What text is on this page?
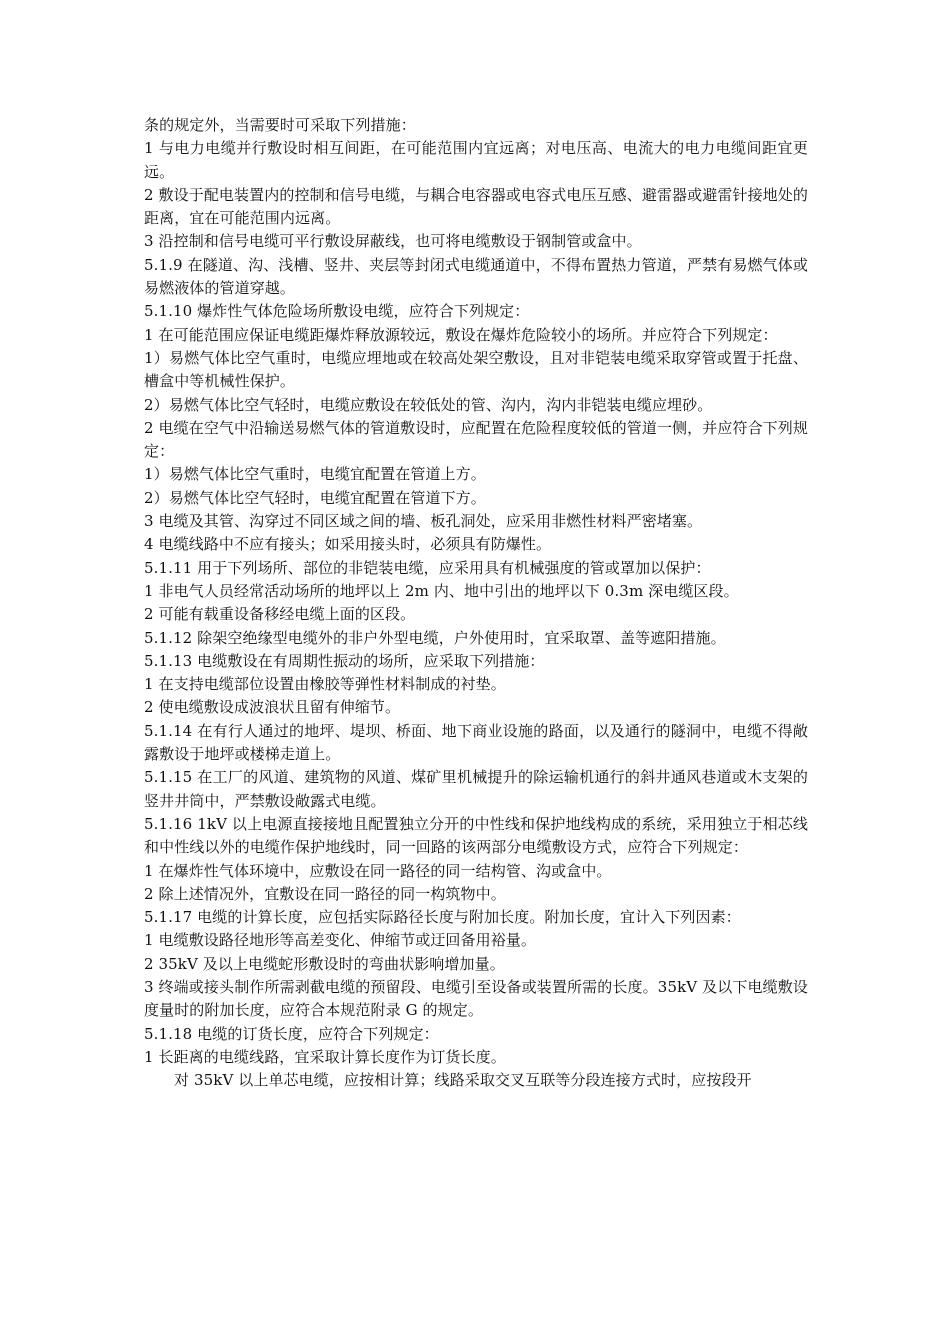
条的规定外，当需要时可采取下列措施：

1 与电力电缆并行敷设时相互间距，在可能范围内宜远离；对电压高、电流大的电力电缆间距宜更远。

2 敷设于配电装置内的控制和信号电缆，与耦合电容器或电容式电压互感、避雷器或避雷针接地处的距离，宜在可能范围内远离。

3 沿控制和信号电缆可平行敷设屏蔽线，也可将电缆敷设于钢制管或盒中。

5.1.9 在隧道、沟、浅槽、竖井、夹层等封闭式电缆通道中，不得布置热力管道，严禁有易燃气体或易燃液体的管道穿越。

5.1.10 爆炸性气体危险场所敷设电缆，应符合下列规定：

1 在可能范围应保证电缆距爆炸释放源较远，敷设在爆炸危险较小的场所。并应符合下列规定：

1）易燃气体比空气重时，电缆应埋地或在较高处架空敷设，且对非铠装电缆采取穿管或置于托盘、槽盒中等机械性保护。

2）易燃气体比空气轻时，电缆应敷设在较低处的管、沟内，沟内非铠装电缆应埋砂。

2 电缆在空气中沿输送易燃气体的管道敷设时，应配置在危险程度较低的管道一侧，并应符合下列规定：

1）易燃气体比空气重时，电缆宜配置在管道上方。

2）易燃气体比空气轻时，电缆宜配置在管道下方。

3 电缆及其管、沟穿过不同区域之间的墙、板孔洞处，应采用非燃性材料严密堵塞。

4 电缆线路中不应有接头；如采用接头时，必须具有防爆性。

5.1.11 用于下列场所、部位的非铠装电缆，应采用具有机械强度的管或罩加以保护：

1 非电气人员经常活动场所的地坪以上 2m 内、地中引出的地坪以下 0.3m 深电缆区段。

2 可能有载重设备移经电缆上面的区段。

5.1.12 除架空绝缘型电缆外的非户外型电缆，户外使用时，宜采取罩、盖等遮阳措施。

5.1.13 电缆敷设在有周期性振动的场所，应采取下列措施：

1 在支持电缆部位设置由橡胶等弹性材料制成的衬垫。

2 使电缆敷设成波浪状且留有伸缩节。

5.1.14 在有行人通过的地坪、堤坝、桥面、地下商业设施的路面，以及通行的隧洞中，电缆不得敞露敷设于地坪或楼梯走道上。

5.1.15 在工厂的风道、建筑物的风道、煤矿里机械提升的除运输机通行的斜井通风巷道或木支架的竖井井筒中，严禁敷设敞露式电缆。

5.1.16 1kV 以上电源直接接地且配置独立分开的中性线和保护地线构成的系统，采用独立于相芯线和中性线以外的电缆作保护地线时，同一回路的该两部分电缆敷设方式，应符合下列规定：

1 在爆炸性气体环境中，应敷设在同一路径的同一结构管、沟或盒中。

2 除上述情况外，宜敷设在同一路径的同一构筑物中。

5.1.17 电缆的计算长度，应包括实际路径长度与附加长度。附加长度，宜计入下列因素：

1 电缆敷设路径地形等高差变化、伸缩节或迂回备用裕量。

2 35kV 及以上电缆蛇形敷设时的弯曲状影响增加量。

3 终端或接头制作所需剥截电缆的预留段、电缆引至设备或装置所需的长度。35kV 及以下电缆敷设度量时的附加长度，应符合本规范附录 G 的规定。

5.1.18 电缆的订货长度，应符合下列规定：

1 长距离的电缆线路，宜采取计算长度作为订货长度。

对 35kV 以上单芯电缆，应按相计算；线路采取交叉互联等分段连接方式时，应按段开
